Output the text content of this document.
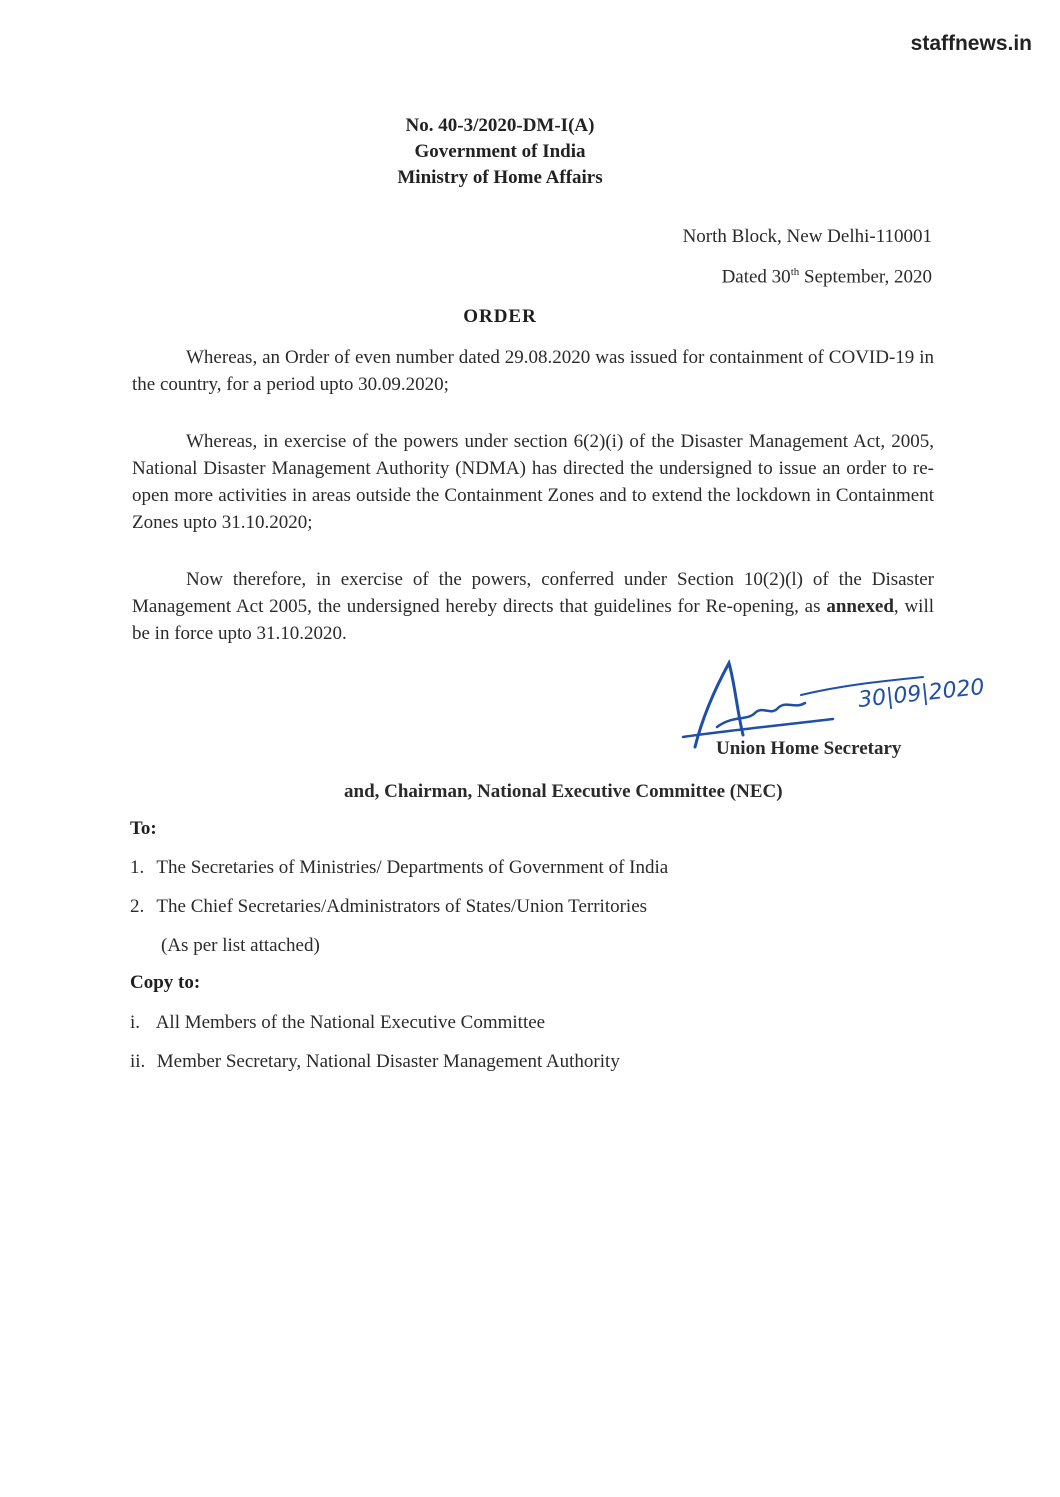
staffnews.in
No. 40-3/2020-DM-I(A)
Government of India
Ministry of Home Affairs
North Block, New Delhi-110001
Dated 30th September, 2020
ORDER
Whereas, an Order of even number dated 29.08.2020 was issued for containment of COVID-19 in the country, for a period upto 30.09.2020;
Whereas, in exercise of the powers under section 6(2)(i) of the Disaster Management Act, 2005, National Disaster Management Authority (NDMA) has directed the undersigned to issue an order to re-open more activities in areas outside the Containment Zones and to extend the lockdown in Containment Zones upto 31.10.2020;
Now therefore, in exercise of the powers, conferred under Section 10(2)(l) of the Disaster Management Act 2005, the undersigned hereby directs that guidelines for Re-opening, as annexed, will be in force upto 31.10.2020.
30|09|2020
Union Home Secretary
and, Chairman, National Executive Committee (NEC)
To:
1. The Secretaries of Ministries/ Departments of Government of India
2. The Chief Secretaries/Administrators of States/Union Territories
(As per list attached)
Copy to:
i. All Members of the National Executive Committee
ii. Member Secretary, National Disaster Management Authority
